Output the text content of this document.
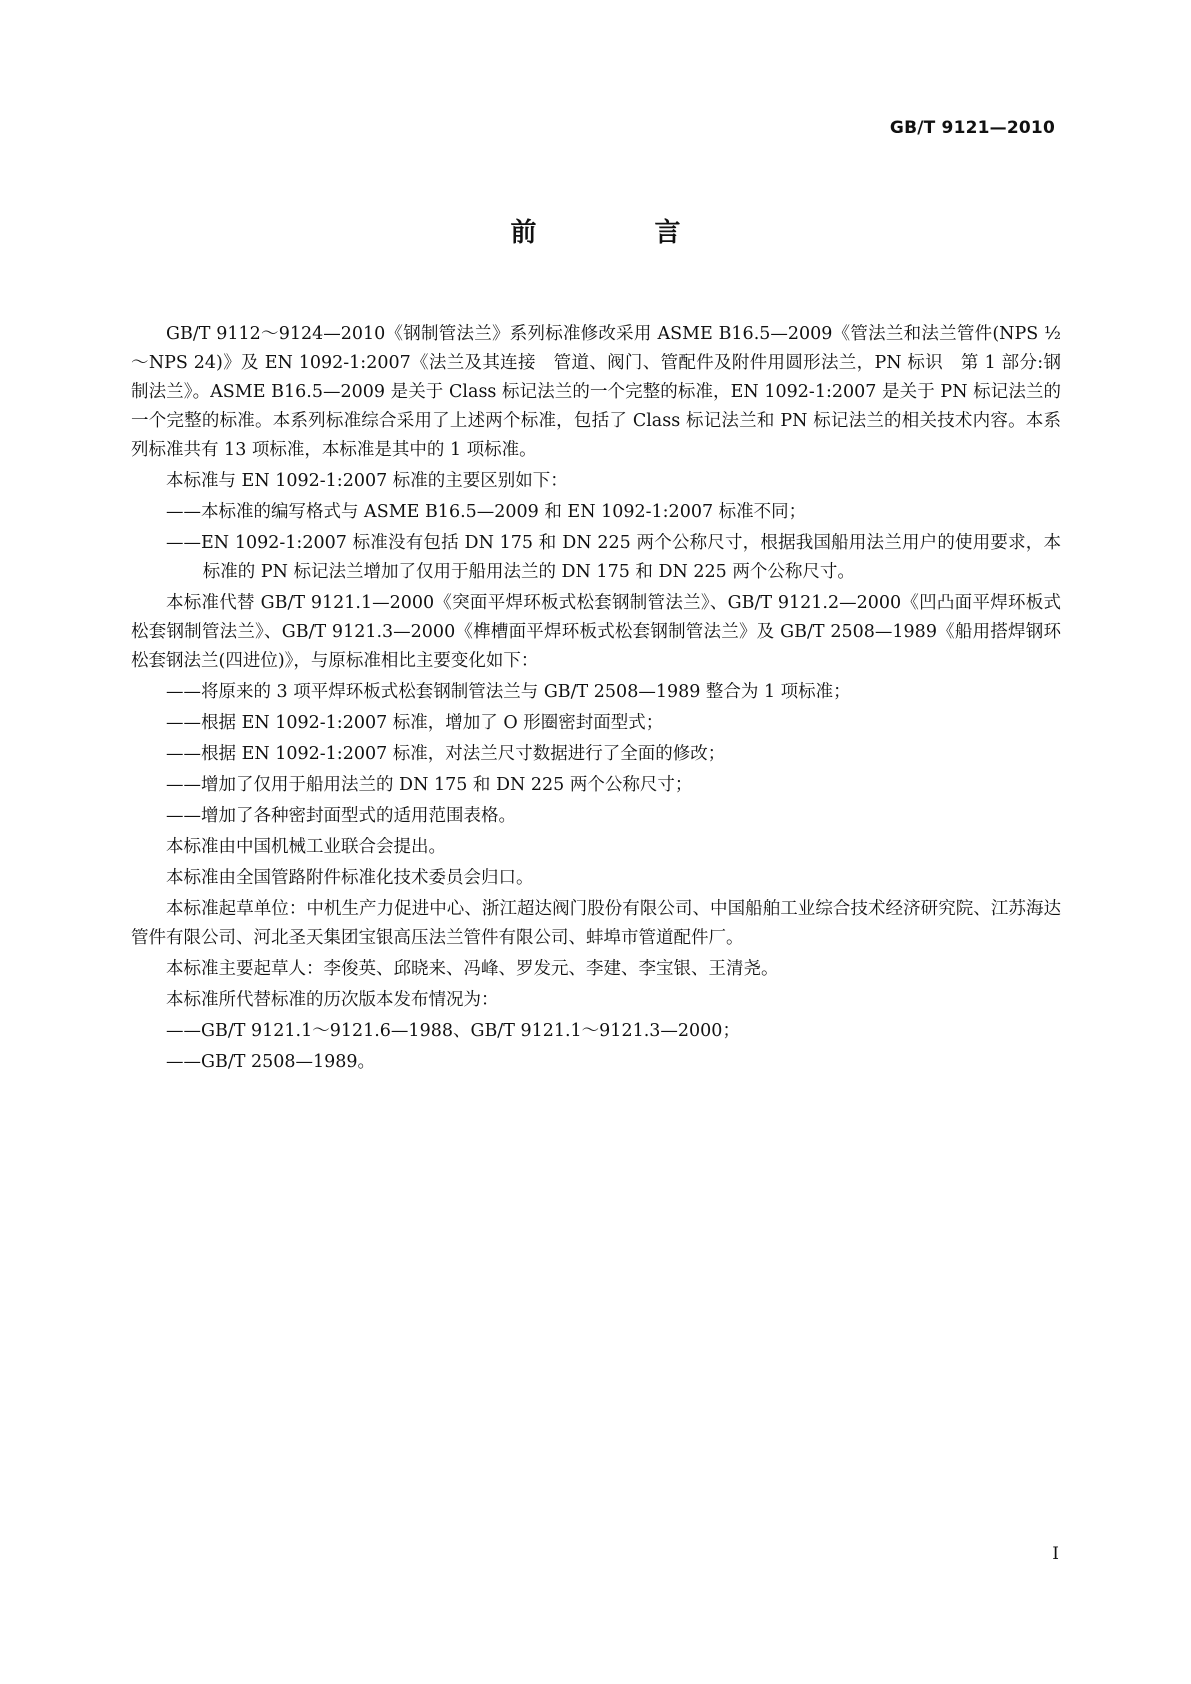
GB/T 9121—2010
前　言

GB/T 9112～9124—2010《钢制管法兰》系列标准修改采用 ASME B16.5—2009《管法兰和法兰管件(NPS ½～NPS 24)》及 EN 1092-1:2007《法兰及其连接　管道、阀门、管配件及附件用圆形法兰，PN 标识　第 1 部分:钢制法兰》。ASME B16.5—2009 是关于 Class 标记法兰的一个完整的标准，EN 1092-1:2007 是关于 PN 标记法兰的一个完整的标准。本系列标准综合采用了上述两个标准，包括了 Class 标记法兰和 PN 标记法兰的相关技术内容。本系列标准共有 13 项标准，本标准是其中的 1 项标准。

本标准与 EN 1092-1:2007 标准的主要区别如下：

——本标准的编写格式与 ASME B16.5—2009 和 EN 1092-1:2007 标准不同；

——EN 1092-1:2007 标准没有包括 DN 175 和 DN 225 两个公称尺寸，根据我国船用法兰用户的使用要求，本标准的 PN 标记法兰增加了仅用于船用法兰的 DN 175 和 DN 225 两个公称尺寸。

本标准代替 GB/T 9121.1—2000《突面平焊环板式松套钢制管法兰》、GB/T 9121.2—2000《凹凸面平焊环板式松套钢制管法兰》、GB/T 9121.3—2000《榫槽面平焊环板式松套钢制管法兰》及 GB/T 2508—1989《船用搭焊钢环松套钢法兰(四进位)》，与原标准相比主要变化如下：

——将原来的 3 项平焊环板式松套钢制管法兰与 GB/T 2508—1989 整合为 1 项标准；

——根据 EN 1092-1:2007 标准，增加了 O 形圈密封面型式；

——根据 EN 1092-1:2007 标准，对法兰尺寸数据进行了全面的修改；

——增加了仅用于船用法兰的 DN 175 和 DN 225 两个公称尺寸；

——增加了各种密封面型式的适用范围表格。

本标准由中国机械工业联合会提出。

本标准由全国管路附件标准化技术委员会归口。

本标准起草单位：中机生产力促进中心、浙江超达阀门股份有限公司、中国船舶工业综合技术经济研究院、江苏海达管件有限公司、河北圣天集团宝银高压法兰管件有限公司、蚌埠市管道配件厂。

本标准主要起草人：李俊英、邱晓来、冯峰、罗发元、李建、李宝银、王清尧。

本标准所代替标准的历次版本发布情况为：

——GB/T 9121.1～9121.6—1988、GB/T 9121.1～9121.3—2000；

——GB/T 2508—1989。

I
